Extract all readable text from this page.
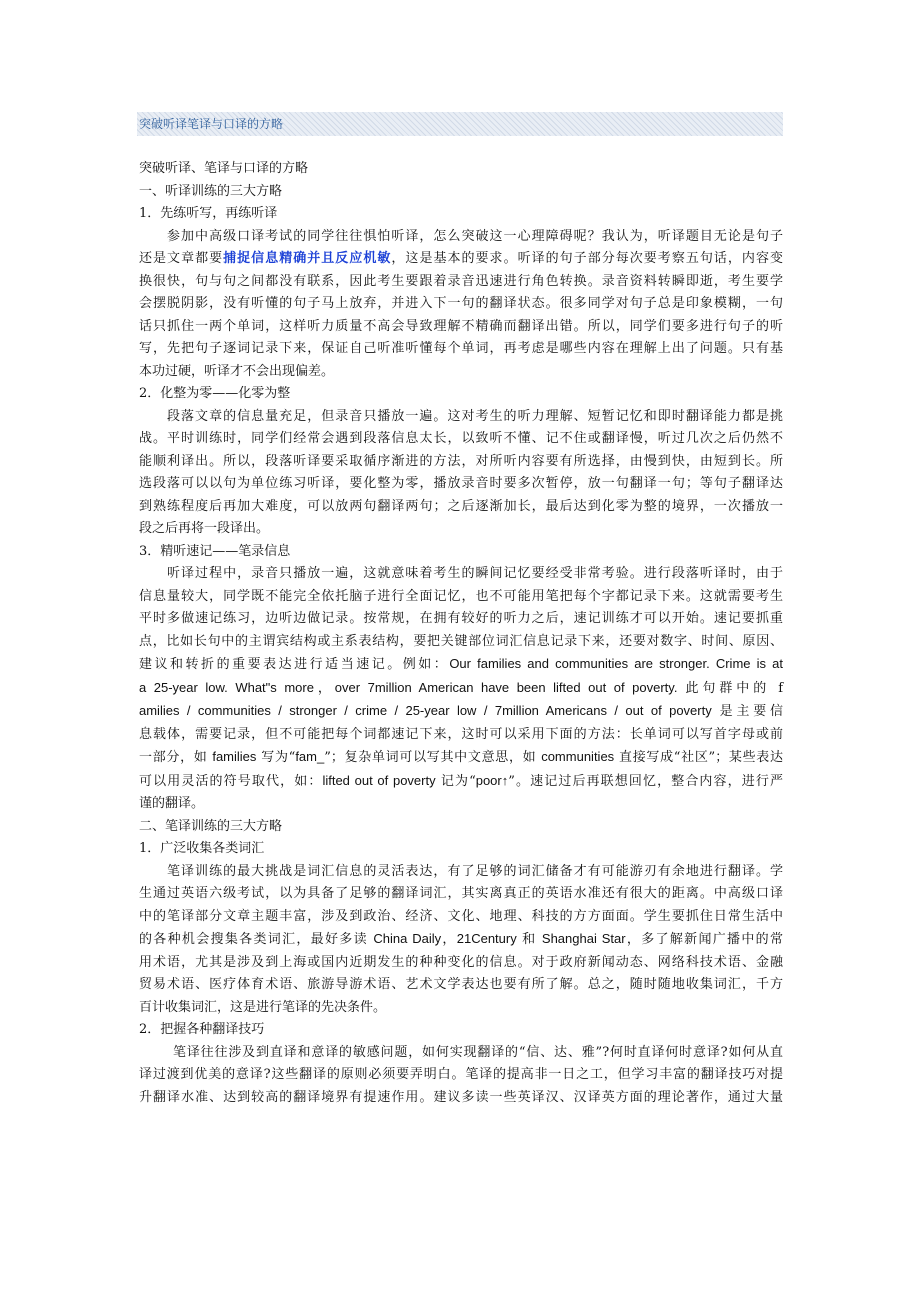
突破听译笔译与口译的方略
突破听译、笔译与口译的方略
一、听译训练的三大方略
1．先练听写，再练听译
参加中高级口译考试的同学往往惧怕听译，怎么突破这一心理障碍呢？我认为，听译题目无论是句子
还是文章都要捕捉信息精确并且反应机敏，这是基本的要求。听译的句子部分每次要考察五句话，内容变
换很快，句与句之间都没有联系，因此考生要跟着录音迅速进行角色转换。录音资料转瞬即逝，考生要学
会摆脱阴影，没有听懂的句子马上放弃，并进入下一句的翻译状态。很多同学对句子总是印象模糊，一句
话只抓住一两个单词，这样听力质量不高会导致理解不精确而翻译出错。所以，同学们要多进行句子的听
写，先把句子逐词记录下来，保证自己听准听懂每个单词，再考虑是哪些内容在理解上出了问题。只有基
本功过硬，听译才不会出现偏差。
2．化整为零——化零为整
段落文章的信息量充足，但录音只播放一遍。这对考生的听力理解、短暂记忆和即时翻译能力都是挑
战。平时训练时，同学们经常会遇到段落信息太长，以致听不懂、记不住或翻译慢，听过几次之后仍然不
能顺利译出。所以，段落听译要采取循序渐进的方法，对所听内容要有所选择，由慢到快，由短到长。所
选段落可以以句为单位练习听译，要化整为零，播放录音时要多次暂停，放一句翻译一句；等句子翻译达
到熟练程度后再加大难度，可以放两句翻译两句；之后逐渐加长，最后达到化零为整的境界，一次播放一
段之后再将一段译出。
3．精听速记——笔录信息
听译过程中，录音只播放一遍，这就意味着考生的瞬间记忆要经受非常考验。进行段落听译时，由于
信息量较大，同学既不能完全依托脑子进行全面记忆，也不可能用笔把每个字都记录下来。这就需要考生
平时多做速记练习，边听边做记录。按常规，在拥有较好的听力之后，速记训练才可以开始。速记要抓重
点，比如长句中的主谓宾结构或主系表结构，要把关键部位词汇信息记录下来，还要对数字、时间、原因、
建议和转折的重要表达进行适当速记。例如：Our families and communities are stronger. Crime is at
a 25-year low. What"s more，over 7million American have been lifted out of poverty. 此句群中的 f
amilies / communities / stronger / crime / 25-year low / 7million Americans / out of poverty 是主要信
息载体，需要记录，但不可能把每个词都速记下来，这时可以采用下面的方法：长单词可以写首字母或前
一部分，如 families 写为“fam_”；复杂单词可以写其中文意思，如 communities 直接写成“社区”；某些表达
可以用灵活的符号取代，如：lifted out of poverty 记为“poor↑”。速记过后再联想回忆，整合内容，进行严
谨的翻译。
二、笔译训练的三大方略
1．广泛收集各类词汇
笔译训练的最大挑战是词汇信息的灵活表达，有了足够的词汇储备才有可能游刃有余地进行翻译。学
生通过英语六级考试，以为具备了足够的翻译词汇，其实离真正的英语水准还有很大的距离。中高级口译
中的笔译部分文章主题丰富，涉及到政治、经济、文化、地理、科技的方方面面。学生要抓住日常生活中
的各种机会搜集各类词汇，最好多读 China Daily，21Century 和 Shanghai Star，多了解新闻广播中的常
用术语，尤其是涉及到上海或国内近期发生的种种变化的信息。对于政府新闻动态、网络科技术语、金融
贸易术语、医疗体育术语、旅游导游术语、艺术文学表达也要有所了解。总之，随时随地收集词汇，千方
百计收集词汇，这是进行笔译的先决条件。
2．把握各种翻译技巧
笔译往往涉及到直译和意译的敏感问题，如何实现翻译的“信、达、雅”?何时直译何时意译?如何从直
译过渡到优美的意译?这些翻译的原则必须要弄明白。笔译的提高非一日之工，但学习丰富的翻译技巧对提
升翻译水准、达到较高的翻译境界有提速作用。建议多读一些英译汉、汉译英方面的理论著作，通过大量
